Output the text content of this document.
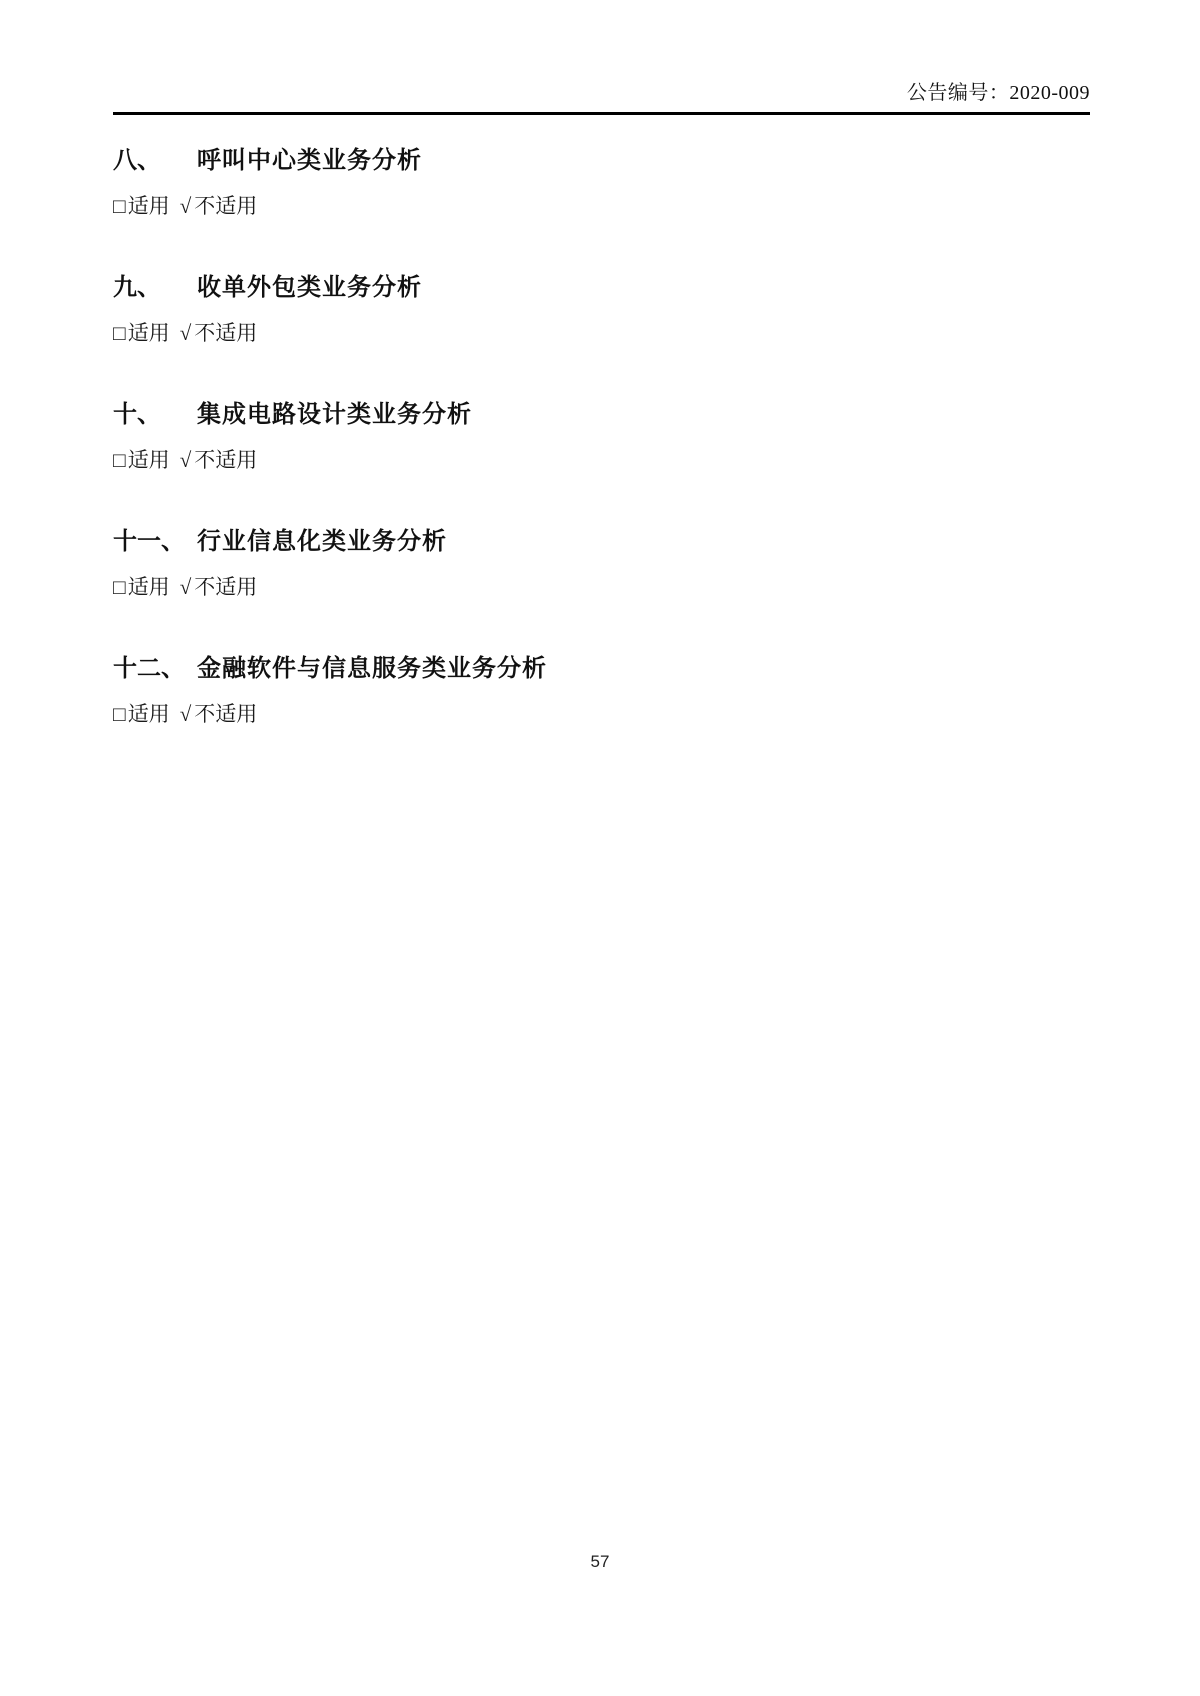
公告编号：2020-009
八、	呼叫中心类业务分析

□适用 √ 不适用

九、	收单外包类业务分析

□适用 √ 不适用

十、	集成电路设计类业务分析

□适用 √ 不适用

十一、 行业信息化类业务分析

□适用 √ 不适用

十二、 金融软件与信息服务类业务分析

□适用 √ 不适用

57
